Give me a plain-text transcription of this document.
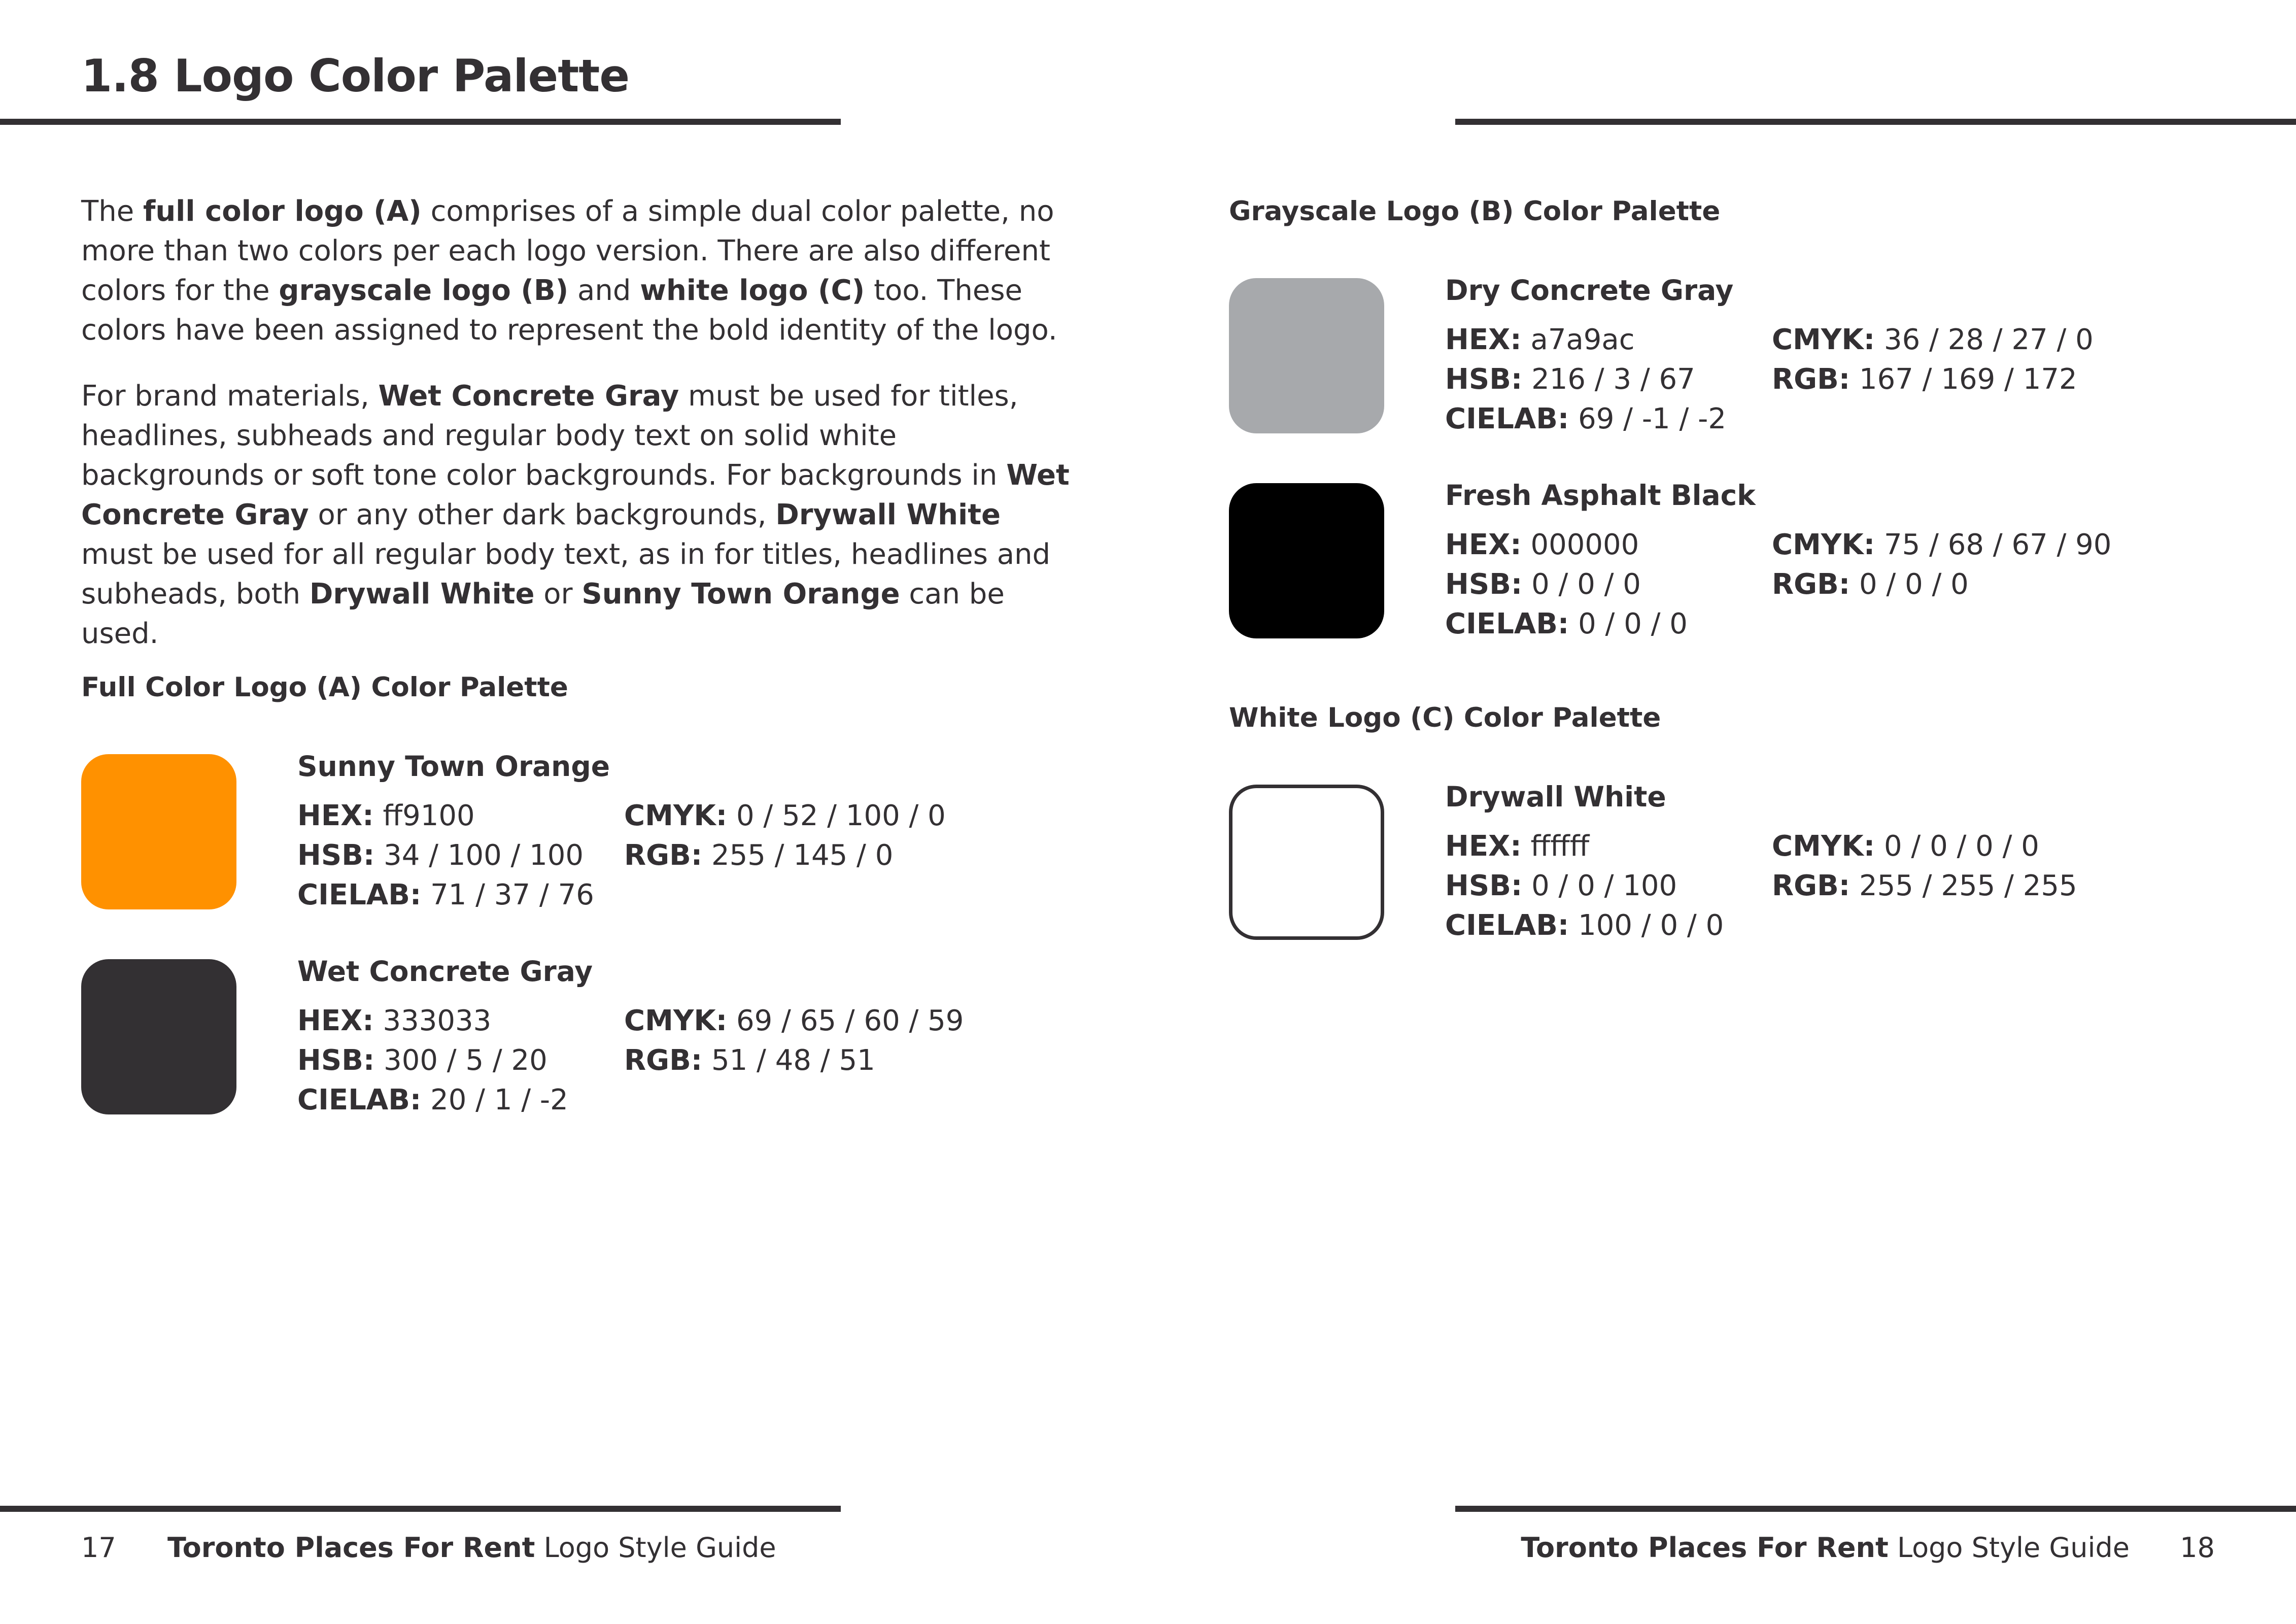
1.8 Logo Color Palette
The full color logo (A) comprises of a simple dual color palette, no more than two colors per each logo version. There are also different colors for the grayscale logo (B) and white logo (C) too. These colors have been assigned to represent the bold identity of the logo.
For brand materials, Wet Concrete Gray must be used for titles, headlines, subheads and regular body text on solid white backgrounds or soft tone color backgrounds. For backgrounds in Wet Concrete Gray or any other dark backgrounds, Drywall White must be used for all regular body text, as in for titles, headlines and subheads, both Drywall White or Sunny Town Orange can be used.
Full Color Logo (A) Color Palette
Sunny Town Orange
HEX: ff9100
HSB: 34 / 100 / 100
CIELAB: 71 / 37 / 76
CMYK: 0 / 52 / 100 / 0
RGB: 255 / 145 / 0
Wet Concrete Gray
HEX: 333033
HSB: 300 / 5 / 20
CIELAB: 20 / 1 / -2
CMYK: 69 / 65 / 60 / 59
RGB: 51 / 48 / 51
Grayscale Logo (B) Color Palette
Dry Concrete Gray
HEX: a7a9ac
HSB: 216 / 3 / 67
CIELAB: 69 / -1 / -2
CMYK: 36 / 28 / 27 / 0
RGB: 167 / 169 / 172
Fresh Asphalt Black
HEX: 000000
HSB: 0 / 0 / 0
CIELAB: 0 / 0 / 0
CMYK: 75 / 68 / 67 / 90
RGB: 0 / 0 / 0
White Logo (C) Color Palette
Drywall White
HEX: ffffff
HSB: 0 / 0 / 100
CIELAB: 100 / 0 / 0
CMYK: 0 / 0 / 0 / 0
RGB: 255 / 255 / 255
17 Toronto Places For Rent Logo Style Guide	Toronto Places For Rent Logo Style Guide 18
